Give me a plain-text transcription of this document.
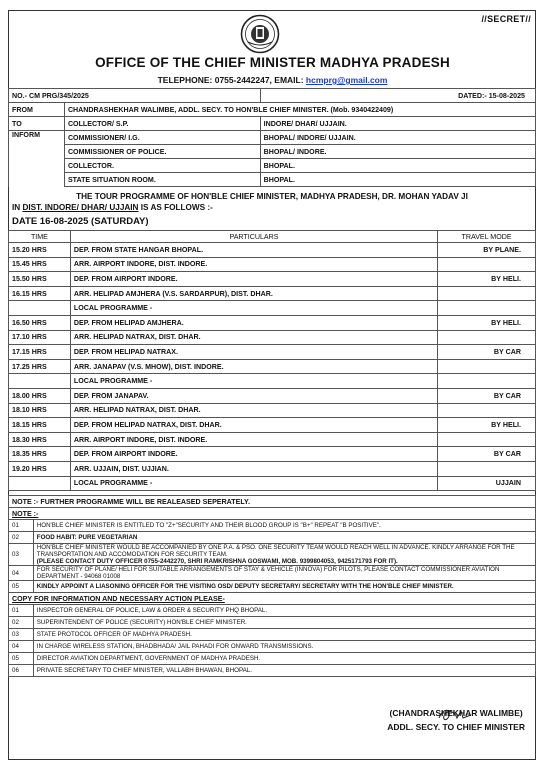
//SECRET//
OFFICE OF THE CHIEF MINISTER MADHYA PRADESH
TELEPHONE: 0755-2442247, EMAIL: hcmprg@gmail.com
NO.- CM PRG/345/2025		DATED:- 15-08-2025
FROM	CHANDRASHEKHAR WALIMBE, ADDL. SECY. TO HON'BLE CHIEF MINISTER. (Mob. 9340422409)	
TO	COLLECTOR/ S.P.	INDORE/ DHAR/ UJJAIN.
INFORM	COMMISSIONER/ I.G.	BHOPAL/ INDORE/ UJJAIN.
	COMMISSIONER OF POLICE.	BHOPAL/ INDORE.
	COLLECTOR.	BHOPAL.
	STATE SITUATION ROOM.	BHOPAL.
THE TOUR PROGRAMME OF HON'BLE CHIEF MINISTER, MADHYA PRADESH, DR. MOHAN YADAV JI
IN DIST. INDORE/ DHAR/ UJJAIN IS AS FOLLOWS :-
DATE 16-08-2025 (SATURDAY)
TIME	PARTICULARS	TRAVEL MODE
15.20 HRS	DEP. FROM STATE HANGAR BHOPAL.	BY PLANE.
15.45 HRS	ARR. AIRPORT INDORE, DIST. INDORE.	
15.50 HRS	DEP. FROM AIRPORT INDORE.	BY HELI.
16.15 HRS	ARR. HELIPAD AMJHERA (V.S. SARDARPUR), DIST. DHAR.	
	LOCAL PROGRAMME -	
16.50 HRS	DEP. FROM HELIPAD AMJHERA.	BY HELI.
17.10 HRS	ARR. HELIPAD NATRAX, DIST. DHAR.	
17.15 HRS	DEP. FROM HELIPAD NATRAX.	BY CAR
17.25 HRS	ARR. JANAPAV (V.S. MHOW), DIST. INDORE.	
	LOCAL PROGRAMME -	
18.00 HRS	DEP. FROM JANAPAV.	BY CAR
18.10 HRS	ARR. HELIPAD NATRAX, DIST. DHAR.	
18.15 HRS	DEP. FROM HELIPAD NATRAX, DIST. DHAR.	BY HELI.
18.30 HRS	ARR. AIRPORT INDORE, DIST. INDORE.	
18.35 HRS	DEP. FROM AIRPORT INDORE.	BY CAR
19.20 HRS	ARR. UJJAIN, DIST. UJJIAN.	
	LOCAL PROGRAMME -	UJJAIN
NOTE :- FURTHER PROGRAMME WILL BE REALEASED SEPERATELY.	
NOTE :-	
01	HON'BLE CHIEF MINISTER IS ENTITLED TO "Z+"SECURITY AND THEIR BLOOD GROUP IS "B+" REPEAT "B POSITIVE".
02	FOOD HABIT: PURE VEGETARIAN
03	HON'BLE CHIEF MINISTER WOULD BE ACCOMPANIED BY ONE P.A. & PSO. ONE SECURITY TEAM WOULD REACH WELL IN ADVANCE. KINDLY ARRANGE FOR THE TRANSPORTATION AND ACCOMODATION FOR SECURITY TEAM.
(PLEASE CONTACT DUTY OFFICER 0755-2442270, SHRI RAMKRISHNA GOSWAMI, MOB. 9399804053, 9425171793 FOR IT).

04	FOR SECURITY OF PLANE/ HELI FOR SUITABLE ARRANGEMENTS OF STAY & VEHICLE (INNOVA) FOR PILOTS, PLEASE CONTACT COMMISSIONER AVIATION DEPARTMENT - 94068 01008
05	KINDLY APPOINT A LIASONING OFFICER FOR THE VISITING OSD/ DEPUTY SECRETARY/ SECRETARY WITH THE HON'BLE CHIEF MINISTER.
COPY FOR INFORMATION AND NECESSARY ACTION PLEASE-	
01	INSPECTOR GENERAL OF POLICE, LAW & ORDER & SECURITY PHQ BHOPAL.
02	SUPERINTENDENT OF POLICE (SECURITY) HON'BLE CHIEF MINISTER.
03	STATE PROTOCOL OFFICER OF MADHYA PRADESH.
04	IN CHARGE WIRELESS STATION, BHADBHADA/ JAIL PAHADI FOR ONWARD TRANSMISSIONS.
05	DIRECTOR AVIATION DEPARTMENT, GOVERNMENT OF MADHYA PRADESH.
06	PRIVATE SECRETARY TO CHIEF MINISTER, VALLABH BHAWAN, BHOPAL.
(CHANDRASHEKHAR WALIMBE)
ADDL. SECY. TO CHIEF MINISTER
